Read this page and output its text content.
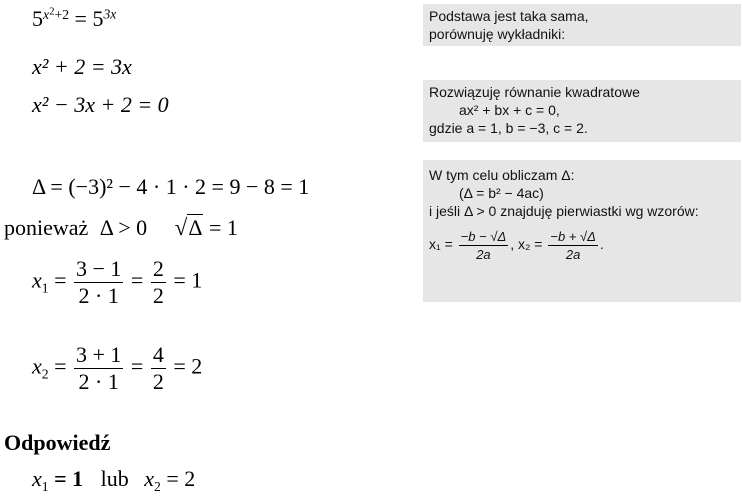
$5^{x^2+2} = 5^{3x}$
x² + 2 = 3x
x² − 3x + 2 = 0
Δ = (−3)² − 4 · 1 · 2 = 9 − 8 = 1
ponieważ Δ > 0 √Δ = 1
$x_1 = \frac{3 - 1}{2 \cdot 1} = \frac{2}{2} = 1$
$x_2 = \frac{3 + 1}{2 \cdot 1} = \frac{4}{2} = 2$
Odpowiedź
$x_1 = 1$ lub $x_2 = 2$
Podstawa jest taka sama,
porównuję wykładniki:
Rozwiązuję równanie kwadratowe
ax² + bx + c = 0,
gdzie a = 1, b = −3, c = 2.
W tym celu obliczam Δ:
(Δ = b² − 4ac)
i jeśli Δ > 0 znajduję pierwiastki wg wzorów:
$x_1 = \frac{-b - √\Delta}{2a}$ , $x_2 = \frac{-b + √\Delta}{2a}$ .
